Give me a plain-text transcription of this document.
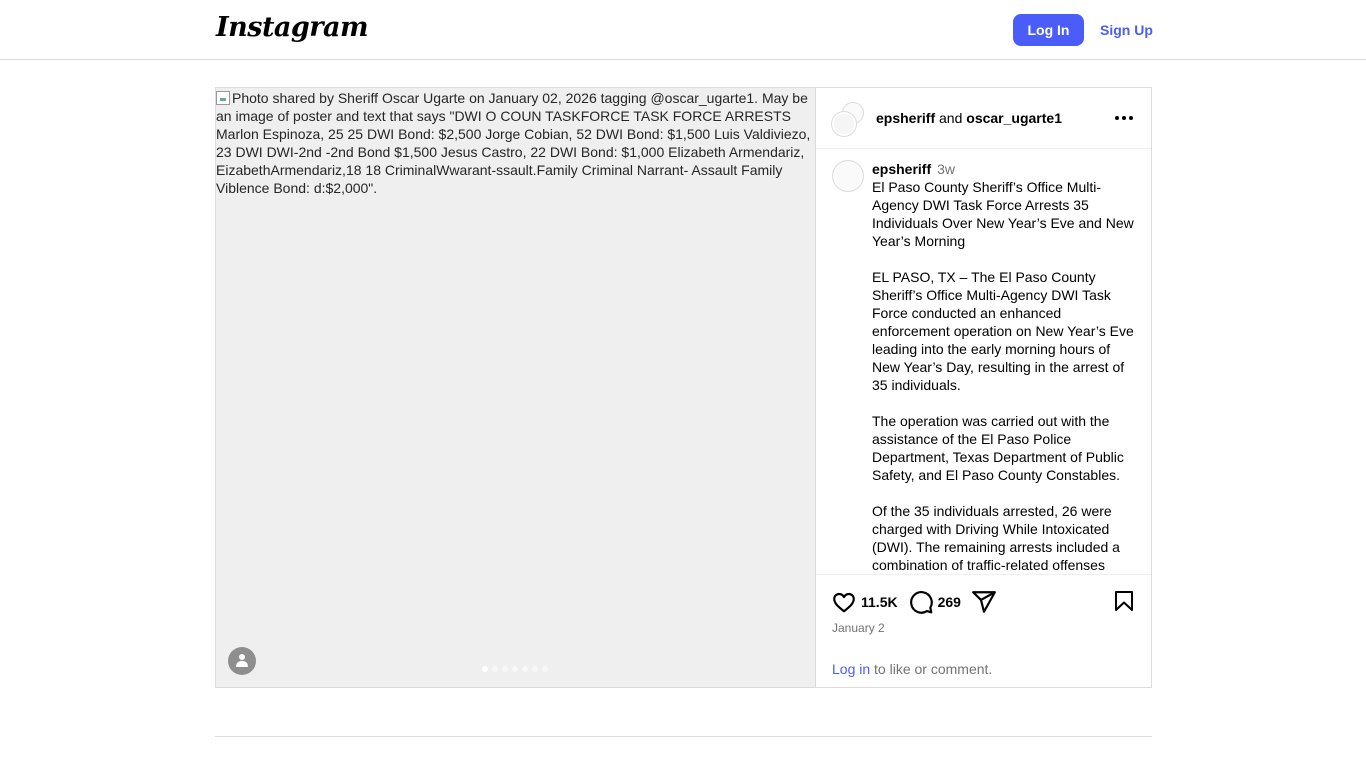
Instagram	Log In	Sign Up
Photo shared by Sheriff Oscar Ugarte on January 02, 2026 tagging @oscar_ugarte1. May be an image of poster and text that says "DWI O COUN TASKFORCE TASK FORCE ARRESTS Marlon Espinoza, 25 25 DWI Bond: $2,500 Jorge Cobian, 52 DWI Bond: $1,500 Luis Valdiviezo, 23 DWI DWI-2nd -2nd Bond $1,500 Jesus Castro, 22 DWI Bond: $1,000 Elizabeth Armendariz, EizabethArmendariz,18 18 CriminalWwarant-ssault.Family Criminal Narrant- Assault Family Viblence Bond: d:$2,000".
epsheriff and oscar_ugarte1
epsheriff 3w
El Paso County Sheriff’s Office Multi-Agency DWI Task Force Arrests 35 Individuals Over New Year’s Eve and New Year’s Morning

EL PASO, TX – The El Paso County Sheriff’s Office Multi-Agency DWI Task Force conducted an enhanced enforcement operation on New Year’s Eve leading into the early morning hours of New Year’s Day, resulting in the arrest of 35 individuals.

The operation was carried out with the assistance of the El Paso Police Department, Texas Department of Public Safety, and El Paso County Constables.

Of the 35 individuals arrested, 26 were charged with Driving While Intoxicated (DWI). The remaining arrests included a combination of traffic-related offenses
11.5K	269
January 2
Log in to like or comment.
